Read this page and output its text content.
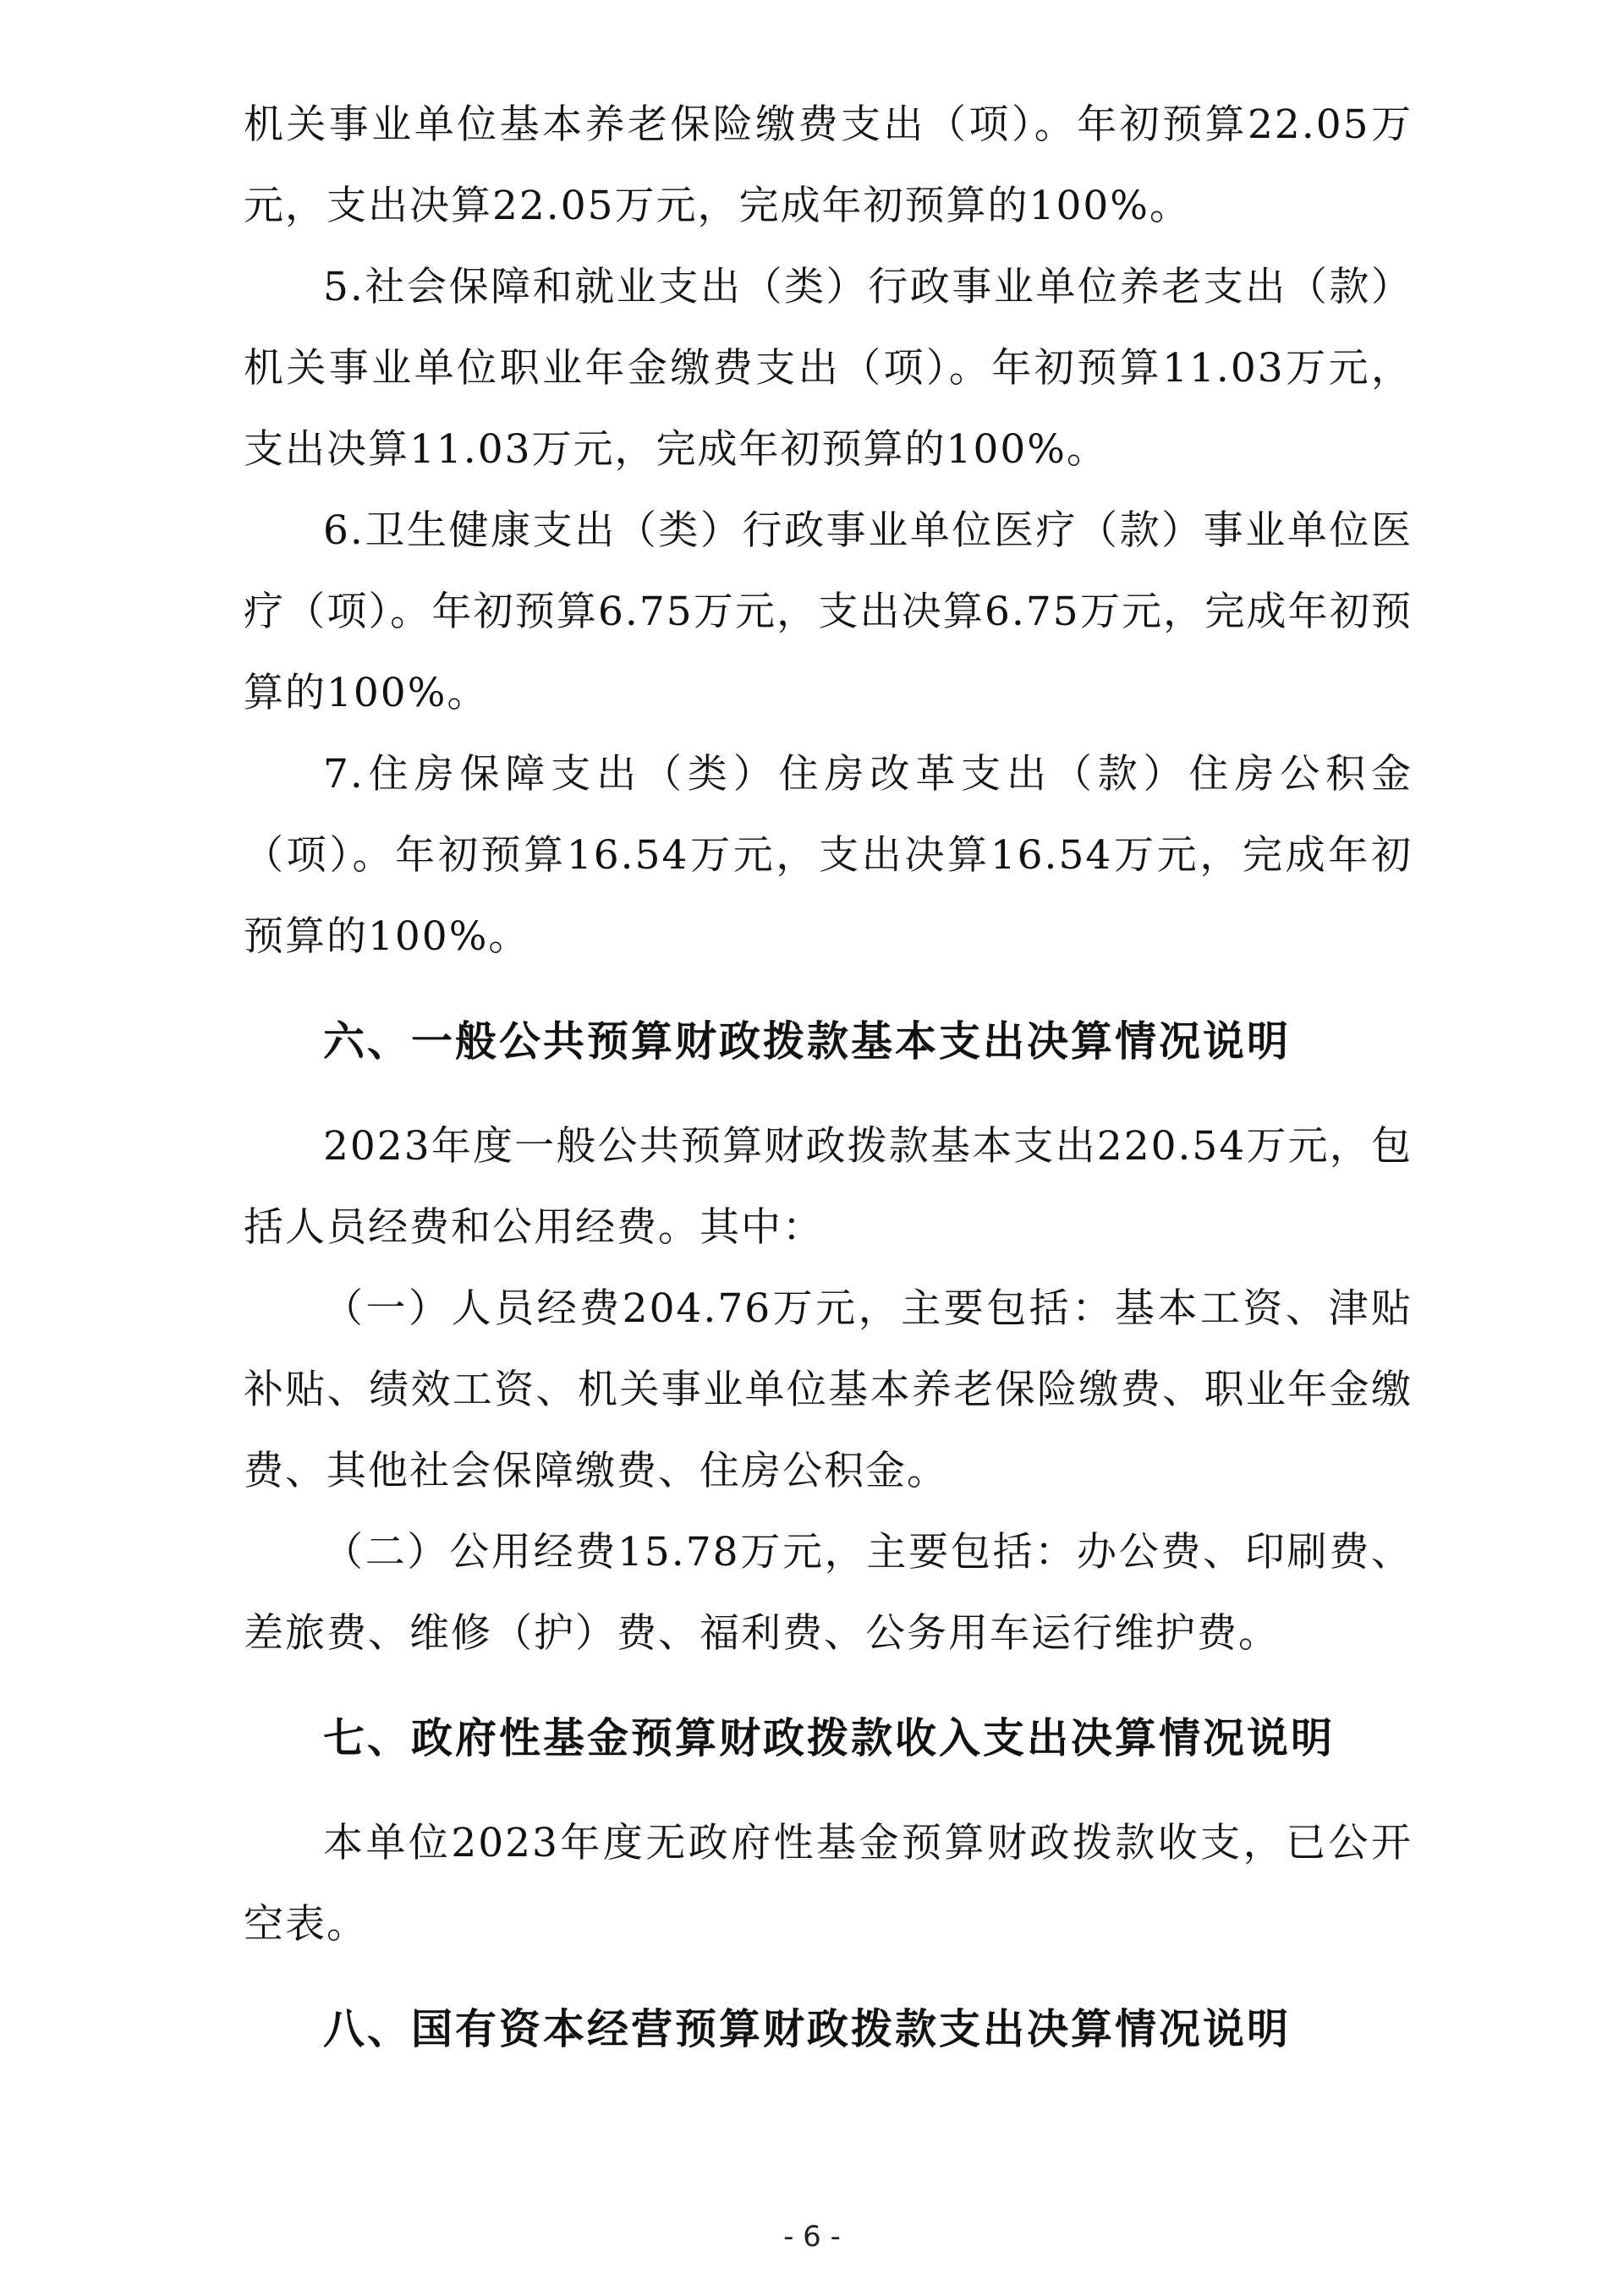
机关事业单位基本养老保险缴费支出（项）。年初预算22.05万元，支出决算22.05万元，完成年初预算的100%。

5.社会保障和就业支出（类）行政事业单位养老支出（款）机关事业单位职业年金缴费支出（项）。年初预算11.03万元，支出决算11.03万元，完成年初预算的100%。

6.卫生健康支出（类）行政事业单位医疗（款）事业单位医疗（项）。年初预算6.75万元，支出决算6.75万元，完成年初预算的100%。

7.住房保障支出（类）住房改革支出（款）住房公积金（项）。年初预算16.54万元，支出决算16.54万元，完成年初预算的100%。

六、一般公共预算财政拨款基本支出决算情况说明

2023年度一般公共预算财政拨款基本支出220.54万元，包括人员经费和公用经费。其中：

（一）人员经费204.76万元，主要包括：基本工资、津贴补贴、绩效工资、机关事业单位基本养老保险缴费、职业年金缴费、其他社会保障缴费、住房公积金。

（二）公用经费15.78万元，主要包括：办公费、印刷费、差旅费、维修（护）费、福利费、公务用车运行维护费。

七、政府性基金预算财政拨款收入支出决算情况说明

本单位2023年度无政府性基金预算财政拨款收支，已公开空表。

八、国有资本经营预算财政拨款支出决算情况说明
- 6 -
